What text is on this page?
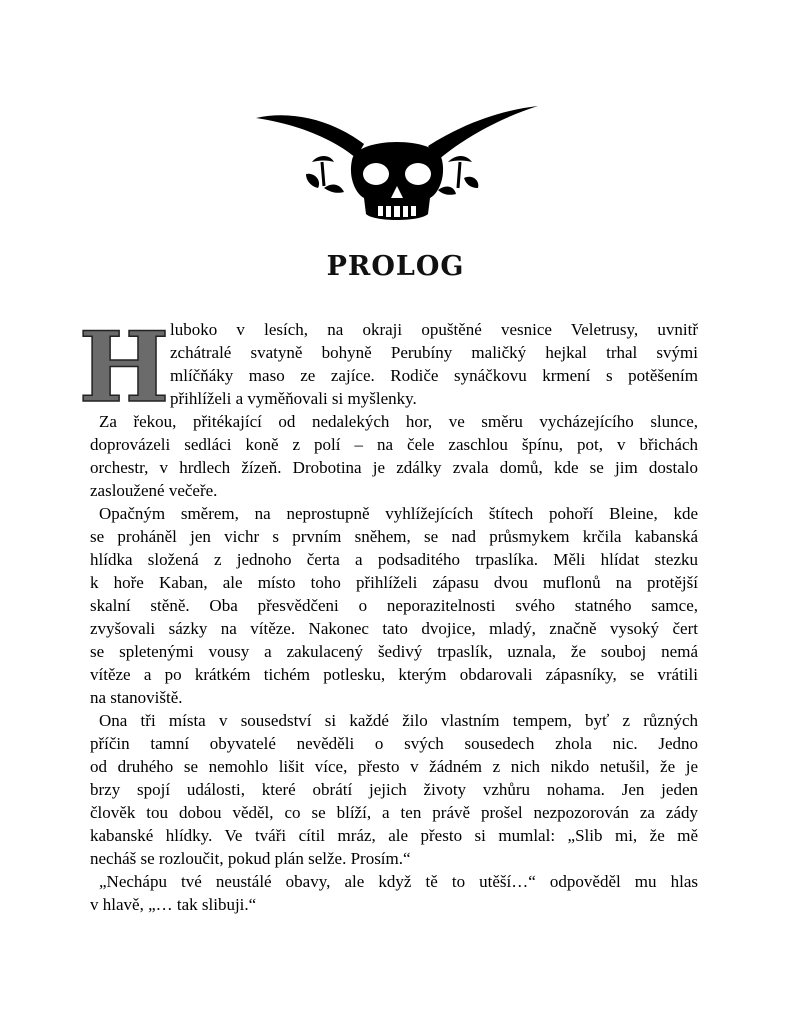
PROLOG
H luboko v lesích, na okraji opuštěné vesnice Veletrusy, uvnitř
zchátralé svatyně bohyně Perubíny maličký hejkal trhal svými
mlíčňáky maso ze zajíce. Rodiče synáčkovu krmení s potěšením
přihlíželi a vyměňovali si myšlenky.
Za řekou, přitékající od nedalekých hor, ve směru vycházejícího slunce,
doprovázeli sedláci koně z polí – na čele zaschlou špínu, pot, v břichách
orchestr, v hrdlech žízeň. Drobotina je zdálky zvala domů, kde se jim dostalo
zasloužené večeře.
Opačným směrem, na neprostupně vyhlížejících štítech pohoří Bleine, kde
se proháněl jen vichr s prvním sněhem, se nad průsmykem krčila kabanská
hlídka složená z jednoho čerta a podsaditého trpaslíka. Měli hlídat stezku
k hoře Kaban, ale místo toho přihlíželi zápasu dvou muflonů na protější
skalní stěně. Oba přesvědčeni o neporazitelnosti svého statného samce,
zvyšovali sázky na vítěze. Nakonec tato dvojice, mladý, značně vysoký čert
se spletenými vousy a zakulacený šedivý trpaslík, uznala, že souboj nemá
vítěze a po krátkém tichém potlesku, kterým obdarovali zápasníky, se vrátili
na stanoviště.
Ona tři místa v sousedství si každé žilo vlastním tempem, byť z různých
příčin tamní obyvatelé nevěděli o svých sousedech zhola nic. Jedno
od druhého se nemohlo lišit více, přesto v žádném z nich nikdo netušil, že je
brzy spojí události, které obrátí jejich životy vzhůru nohama. Jen jeden
člověk tou dobou věděl, co se blíží, a ten právě prošel nezpozorován za zády
kabanské hlídky. Ve tváři cítil mráz, ale přesto si mumlal: „Slib mi, že mě
necháš se rozloučit, pokud plán selže. Prosím.“
„Nechápu tvé neustálé obavy, ale když tě to utěší…“ odpověděl mu hlas
v hlavě, „… tak slibuji.“
